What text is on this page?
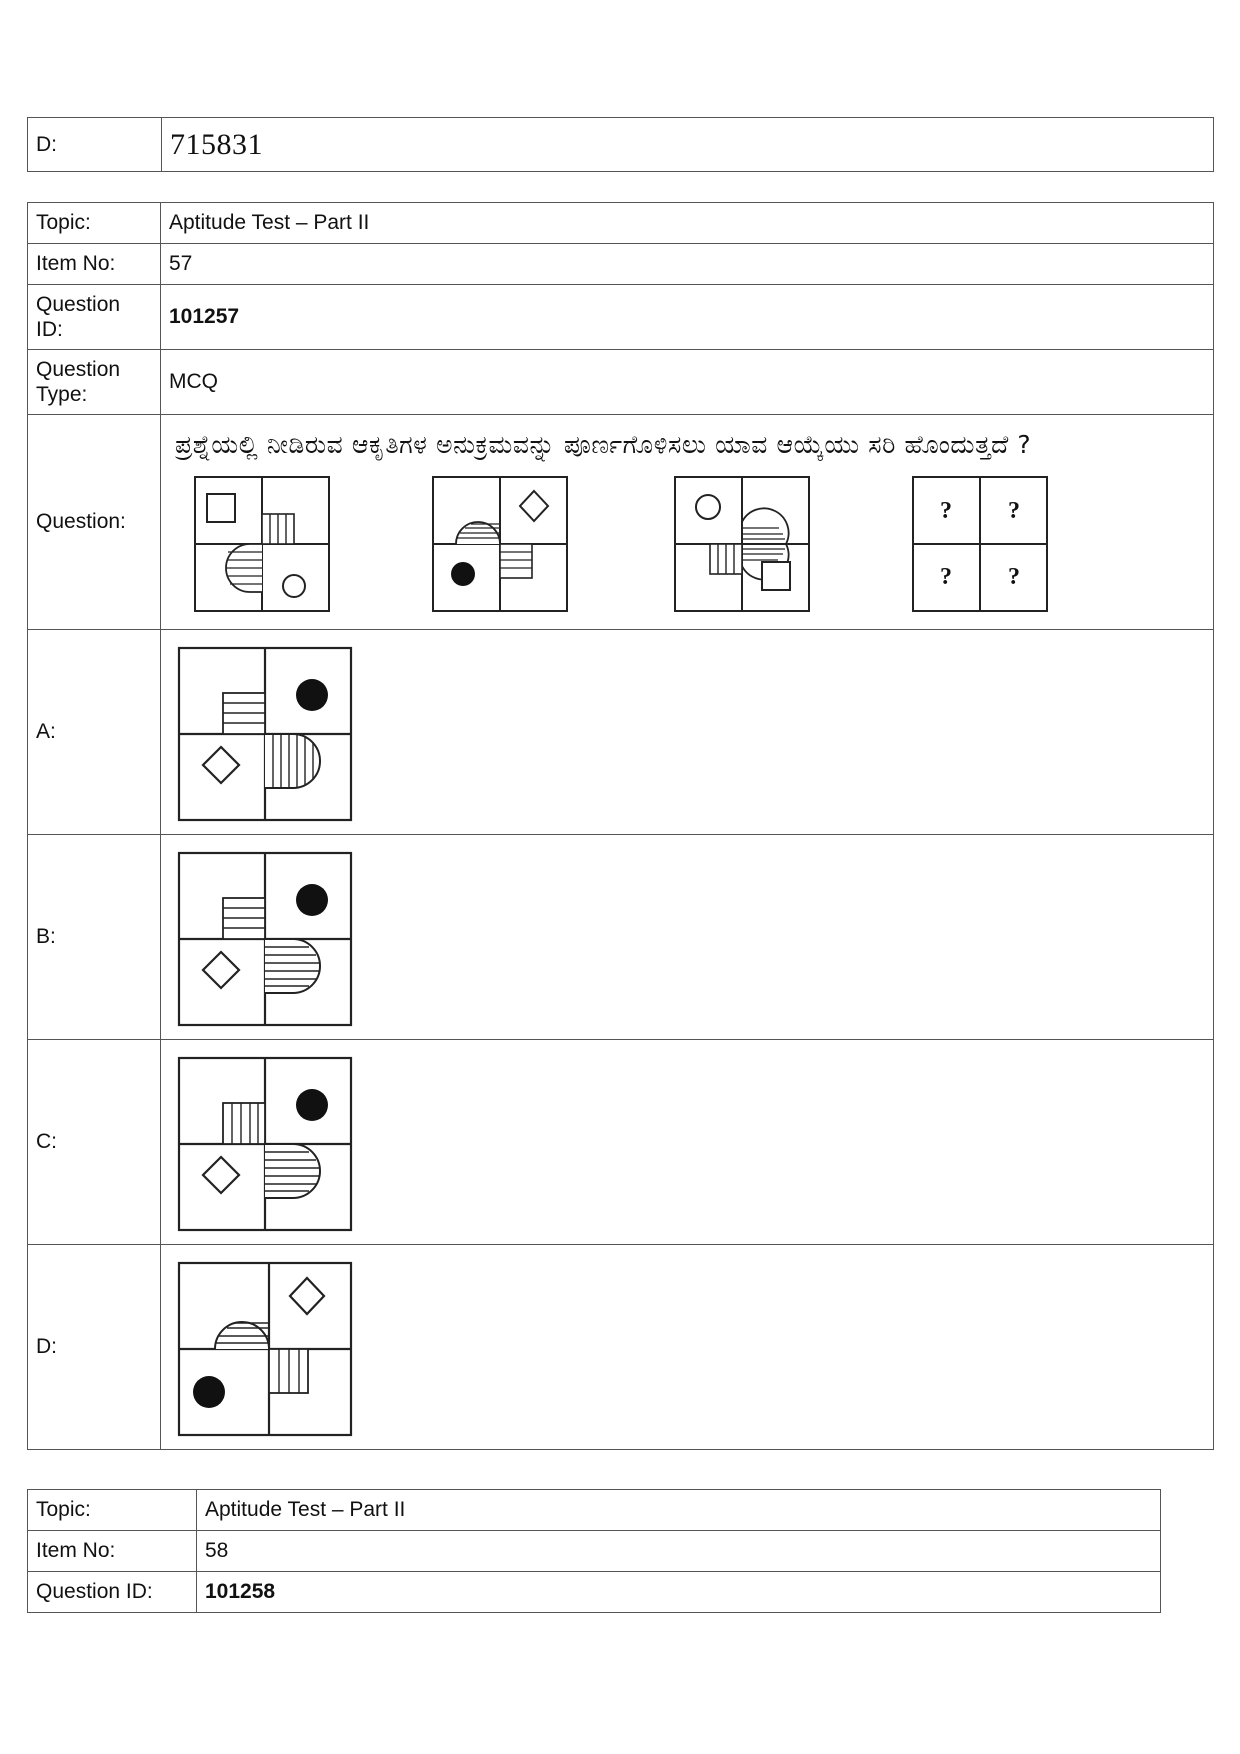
D:	715831
Topic:	Aptitude Test – Part II
Item No:	57
Question ID:	101257
Question Type:	MCQ
Question:	ಪ್ರಶ್ನೆಯಲ್ಲಿ ನೀಡಿರುವ ಆಕೃತಿಗಳ ಅನುಕ್ರಮವನ್ನು ಪೂರ್ಣಗೊಳಿಸಲು ಯಾವ ಆಯ್ಕೆಯು ಸರಿ ಹೊಂದುತ್ತದೆ ?
? ?
? ?

A:	

B:	

C:	

D:	
Topic:	Aptitude Test – Part II
Item No:	58
Question ID:	101258
